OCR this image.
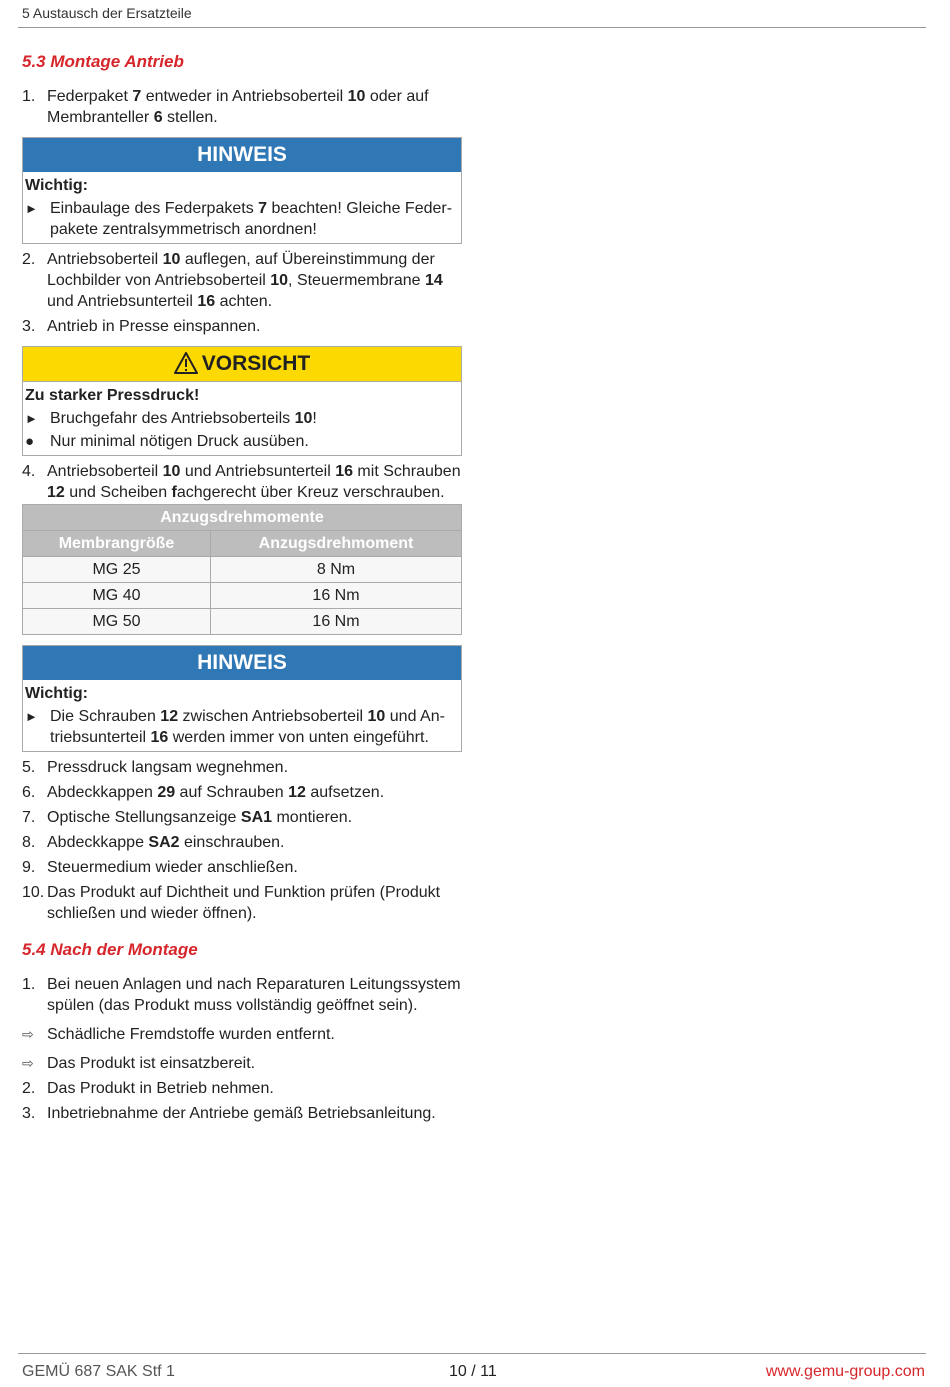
5 Austausch der Ersatzteile
5.3 Montage Antrieb
1. Federpaket 7 entweder in Antriebsoberteil 10 oder auf Membranteller 6 stellen.
HINWEIS
Wichtig:
► Einbaulage des Federpakets 7 beachten! Gleiche Federpakete zentralsymmetrisch anordnen!
2. Antriebsoberteil 10 auflegen, auf Übereinstimmung der Lochbilder von Antriebsoberteil 10, Steuermembrane 14 und Antriebsunterteil 16 achten.
3. Antrieb in Presse einspannen.
VORSICHT
Zu starker Pressdruck!
► Bruchgefahr des Antriebsoberteils 10!
● Nur minimal nötigen Druck ausüben.
4. Antriebsoberteil 10 und Antriebsunterteil 16 mit Schrauben 12 und Scheiben fachgerecht über Kreuz verschrauben.
Anzugsdrehmomente	
Membrangröße	Anzugsdrehmoment
MG 25	8 Nm
MG 40	16 Nm
MG 50	16 Nm
HINWEIS
Wichtig:
► Die Schrauben 12 zwischen Antriebsoberteil 10 und Antriebsunterteil 16 werden immer von unten eingeführt.
5. Pressdruck langsam wegnehmen.
6. Abdeckkappen 29 auf Schrauben 12 aufsetzen.
7. Optische Stellungsanzeige SA1 montieren.
8. Abdeckkappe SA2 einschrauben.
9. Steuermedium wieder anschließen.
10. Das Produkt auf Dichtheit und Funktion prüfen (Produkt schließen und wieder öffnen).
5.4 Nach der Montage
1. Bei neuen Anlagen und nach Reparaturen Leitungssystem spülen (das Produkt muss vollständig geöffnet sein).
⇨ Schädliche Fremdstoffe wurden entfernt.
⇨ Das Produkt ist einsatzbereit.
2. Das Produkt in Betrieb nehmen.
3. Inbetriebnahme der Antriebe gemäß Betriebsanleitung.
GEMÜ 687 SAK Stf 1	10 / 11	www.gemu-group.com
